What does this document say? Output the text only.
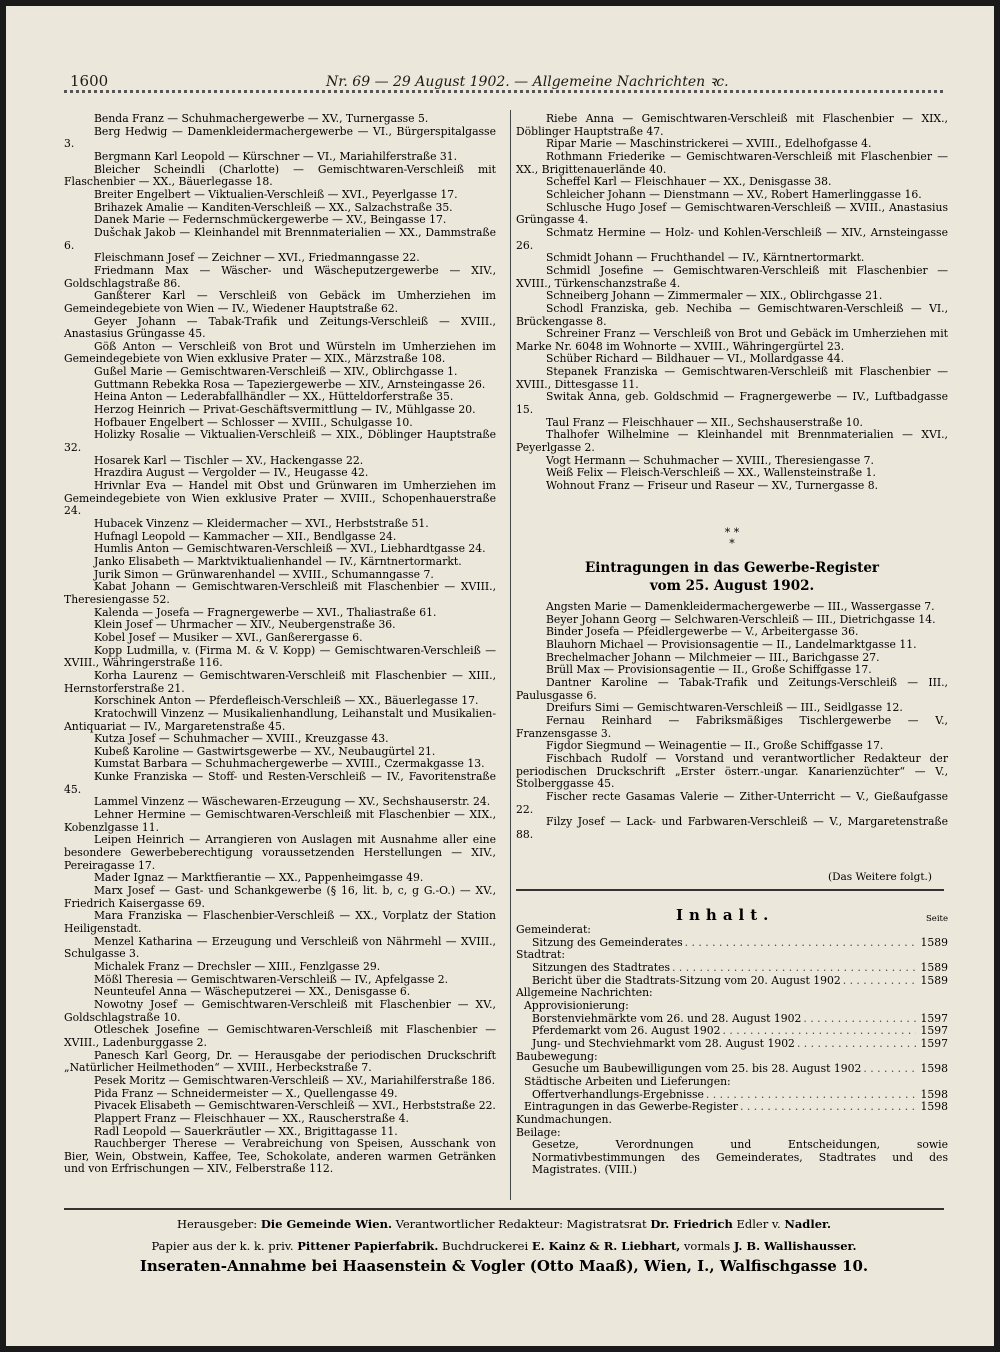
1600	Nr. 69 — 29 August 1902. — Allgemeine Nachrichten ꝛc.

Benda Franz — Schuhmachergewerbe — XV., Turnergasse 5.

Berg Hedwig — Damenkleidermachergewerbe — VI., Bürgerspitalgasse 3.

Bergmann Karl Leopold — Kürschner — VI., Mariahilferstraße 31.

Bleicher Scheindli (Charlotte) — Gemischtwaren-Verschleiß mit Flaschenbier — XX., Bäuerlegasse 18.

Breiter Engelbert — Viktualien-Verschleiß — XVI., Peyerlgasse 17.

Brihazek Amalie — Kanditen-Verschleiß — XX., Salzachstraße 35.

Danek Marie — Federnschmückergewerbe — XV., Beingasse 17.

Dušchak Jakob — Kleinhandel mit Brennmaterialien — XX., Dammstraße 6.

Fleischmann Josef — Zeichner — XVI., Friedmanngasse 22.

Friedmann Max — Wäscher- und Wäscheputzergewerbe — XIV., Goldschlagstraße 86.

Ganßterer Karl — Verschleiß von Gebäck im Umherziehen im Gemeindegebiete von Wien — IV., Wiedener Hauptstraße 62.

Geyer Johann — Tabak-Trafik und Zeitungs-Verschleiß — XVIII., Anastasius Grüngasse 45.

Göß Anton — Verschleiß von Brot und Würsteln im Umherziehen im Gemeindegebiete von Wien exklusive Prater — XIX., Märzstraße 108.

Gußel Marie — Gemischtwaren-Verschleiß — XIV., Oblirchgasse 1.

Guttmann Rebekka Rosa — Tapeziergewerbe — XIV., Arnsteingasse 26.

Heina Anton — Lederabfallhändler — XX., Hütteldorferstraße 35.

Herzog Heinrich — Privat-Geschäftsvermittlung — IV., Mühlgasse 20.

Hofbauer Engelbert — Schlosser — XVIII., Schulgasse 10.

Holizky Rosalie — Viktualien-Verschleiß — XIX., Döblinger Hauptstraße 32.

Hosarek Karl — Tischler — XV., Hackengasse 22.

Hrazdira August — Vergolder — IV., Heugasse 42.

Hrivnlar Eva — Handel mit Obst und Grünwaren im Umherziehen im Gemeindegebiete von Wien exklusive Prater — XVIII., Schopenhauerstraße 24.

Hubacek Vinzenz — Kleidermacher — XVI., Herbststraße 51.

Hufnagl Leopold — Kammacher — XII., Bendlgasse 24.

Humlis Anton — Gemischtwaren-Verschleiß — XVI., Liebhardtgasse 24.

Janko Elisabeth — Marktviktualienhandel — IV., Kärntnertormarkt.

Jurik Simon — Grünwarenhandel — XVIII., Schumanngasse 7.

Kabat Johann — Gemischtwaren-Verschleiß mit Flaschenbier — XVIII., Theresiengasse 52.

Kalenda — Josefa — Fragnergewerbe — XVI., Thaliastraße 61.

Klein Josef — Uhrmacher — XIV., Neubergenstraße 36.

Kobel Josef — Musiker — XVI., Ganßerergasse 6.

Kopp Ludmilla, v. (Firma M. & V. Kopp) — Gemischtwaren-Verschleiß — XVIII., Währingerstraße 116.

Korha Laurenz — Gemischtwaren-Verschleiß mit Flaschenbier — XIII., Hernstorferstraße 21.

Korschinek Anton — Pferdefleisch-Verschleiß — XX., Bäuerlegasse 17.

Kratochwill Vinzenz — Musikalienhandlung, Leihanstalt und Musikalien-Antiquariat — IV., Margaretenstraße 45.

Kutza Josef — Schuhmacher — XVIII., Kreuzgasse 43.

Kubeß Karoline — Gastwirtsgewerbe — XV., Neubaugürtel 21.

Kumstat Barbara — Schuhmachergewerbe — XVIII., Czermakgasse 13.

Kunke Franziska — Stoff- und Resten-Verschleiß — IV., Favoritenstraße 45.

Lammel Vinzenz — Wäschewaren-Erzeugung — XV., Sechshauserstr. 24.

Lehner Hermine — Gemischtwaren-Verschleiß mit Flaschenbier — XIX., Kobenzlgasse 11.

Leipen Heinrich — Arrangieren von Auslagen mit Ausnahme aller eine besondere Gewerbeberechtigung voraussetzenden Herstellungen — XIV., Pereiragasse 17.

Mader Ignaz — Marktfierantie — XX., Pappenheimgasse 49.

Marx Josef — Gast- und Schankgewerbe (§ 16, lit. b, c, g G.-O.) — XV., Friedrich Kaisergasse 69.

Mara Franziska — Flaschenbier-Verschleiß — XX., Vorplatz der Station Heiligenstadt.

Menzel Katharina — Erzeugung und Verschleiß von Nährmehl — XVIII., Schulgasse 3.

Michalek Franz — Drechsler — XIII., Fenzlgasse 29.

Mößl Theresia — Gemischtwaren-Verschleiß — IV., Apfelgasse 2.

Neunteufel Anna — Wäscheputzerei — XX., Denisgasse 6.

Nowotny Josef — Gemischtwaren-Verschleiß mit Flaschenbier — XV., Goldschlagstraße 10.

Otleschek Josefine — Gemischtwaren-Verschleiß mit Flaschenbier — XVIII., Ladenburggasse 2.

Panesch Karl Georg, Dr. — Herausgabe der periodischen Druckschrift „Natürlicher Heilmethoden“ — XVIII., Herbeckstraße 7.

Pesek Moritz — Gemischtwaren-Verschleiß — XV., Mariahilferstraße 186.

Pida Franz — Schneidermeister — X., Quellengasse 49.

Pivacek Elisabeth — Gemischtwaren-Verschleiß — XVI., Herbststraße 22.

Plappert Franz — Fleischhauer — XX., Rauscherstraße 4.

Radl Leopold — Sauerkräutler — XX., Brigittagasse 11.

Rauchberger Therese — Verabreichung von Speisen, Ausschank von Bier, Wein, Obstwein, Kaffee, Tee, Schokolate, anderen warmen Getränken und von Erfrischungen — XIV., Felberstraße 112.

Riebe Anna — Gemischtwaren-Verschleiß mit Flaschenbier — XIX., Döblinger Hauptstraße 47.

Ripar Marie — Maschinstrickerei — XVIII., Edelhofgasse 4.

Rothmann Friederike — Gemischtwaren-Verschleiß mit Flaschenbier — XX., Brigittenauerlände 40.

Scheffel Karl — Fleischhauer — XX., Denisgasse 38.

Schleicher Johann — Dienstmann — XV., Robert Hamerlinggasse 16.

Schlusche Hugo Josef — Gemischtwaren-Verschleiß — XVIII., Anastasius Grüngasse 4.

Schmatz Hermine — Holz- und Kohlen-Verschleiß — XIV., Arnsteingasse 26.

Schmidt Johann — Fruchthandel — IV., Kärntnertormarkt.

Schmidl Josefine — Gemischtwaren-Verschleiß mit Flaschenbier — XVIII., Türkenschanzstraße 4.

Schneiberg Johann — Zimmermaler — XIX., Oblirchgasse 21.

Schodl Franziska, geb. Nechiba — Gemischtwaren-Verschleiß — VI., Brückengasse 8.

Schreiner Franz — Verschleiß von Brot und Gebäck im Umherziehen mit Marke Nr. 6048 im Wohnorte — XVIII., Währingergürtel 23.

Schüber Richard — Bildhauer — VI., Mollardgasse 44.

Stepanek Franziska — Gemischtwaren-Verschleiß mit Flaschenbier — XVIII., Dittesgasse 11.

Switak Anna, geb. Goldschmid — Fragnergewerbe — IV., Luftbadgasse 15.

Taul Franz — Fleischhauer — XII., Sechshauserstraße 10.

Thalhofer Wilhelmine — Kleinhandel mit Brennmaterialien — XVI., Peyerlgasse 2.

Vogt Hermann — Schuhmacher — XVIII., Theresiengasse 7.

Weiß Felix — Fleisch-Verschleiß — XX., Wallensteinstraße 1.

Wohnout Franz — Friseur und Raseur — XV., Turnergasse 8.

* *
*
Eintragungen in das Gewerbe-Register
vom 25. August 1902.

Angsten Marie — Damenkleidermachergewerbe — III., Wassergasse 7.

Beyer Johann Georg — Selchwaren-Verschleiß — III., Dietrichgasse 14.

Binder Josefa — Pfeidlergewerbe — V., Arbeitergasse 36.

Blauhorn Michael — Provisionsagentie — II., Landelmarktgasse 11.

Brechelmacher Johann — Milchmeier — III., Barichgasse 27.

Brüll Max — Provisionsagentie — II., Große Schiffgasse 17.

Dantner Karoline — Tabak-Trafik und Zeitungs-Verschleiß — III., Paulusgasse 6.

Dreifurs Simi — Gemischtwaren-Verschleiß — III., Seidlgasse 12.

Fernau Reinhard — Fabriksmäßiges Tischlergewerbe — V., Franzensgasse 3.

Figdor Siegmund — Weinagentie — II., Große Schiffgasse 17.

Fischbach Rudolf — Vorstand und verantwortlicher Redakteur der periodischen Druckschrift „Erster österr.-ungar. Kanarienzüchter“ — V., Stolberggasse 45.

Fischer recte Gasamas Valerie — Zither-Unterricht — V., Gießaufgasse 22.

Filzy Josef — Lack- und Farbwaren-Verschleiß — V., Margaretenstraße 88.

(Das Weitere folgt.)
Inhalt.	Seite
Gemeinderat:
Sitzung des Gemeinderates . . .	1589
Stadtrat:
Sitzungen des Stadtrates . . .	1589
Bericht über die Stadtrats-Sitzung vom 20. August 1902 . . .	1589
Allgemeine Nachrichten:
Approvisionierung:
Borstenviehmärkte vom 26. und 28. August 1902 . . .	1597
Pferdemarkt vom 26. August 1902 . . .	1597
Jung- und Stechviehmarkt vom 28. August 1902 . . .	1597
Baubewegung:
Gesuche um Baubewilligungen vom 25. bis 28. August 1902 . . .	1598
Städtische Arbeiten und Lieferungen:
Offertverhandlungs-Ergebnisse . . .	1598
Eintragungen in das Gewerbe-Register . . .	1598
Kundmachungen.
Beilage:
Gesetze, Verordnungen und Entscheidungen, sowie Normativbestimmungen des Gemeinderates, Stadtrates und des Magistrates. (VIII.)
Herausgeber: Die Gemeinde Wien. Verantwortlicher Redakteur: Magistratsrat Dr. Friedrich Edler v. Nadler.
Papier aus der k. k. priv. Pittener Papierfabrik. Buchdruckerei E. Kainz & R. Liebhart, vormals J. B. Wallishausser.
Inseraten-Annahme bei Haasenstein & Vogler (Otto Maaß), Wien, I., Walfischgasse 10.
